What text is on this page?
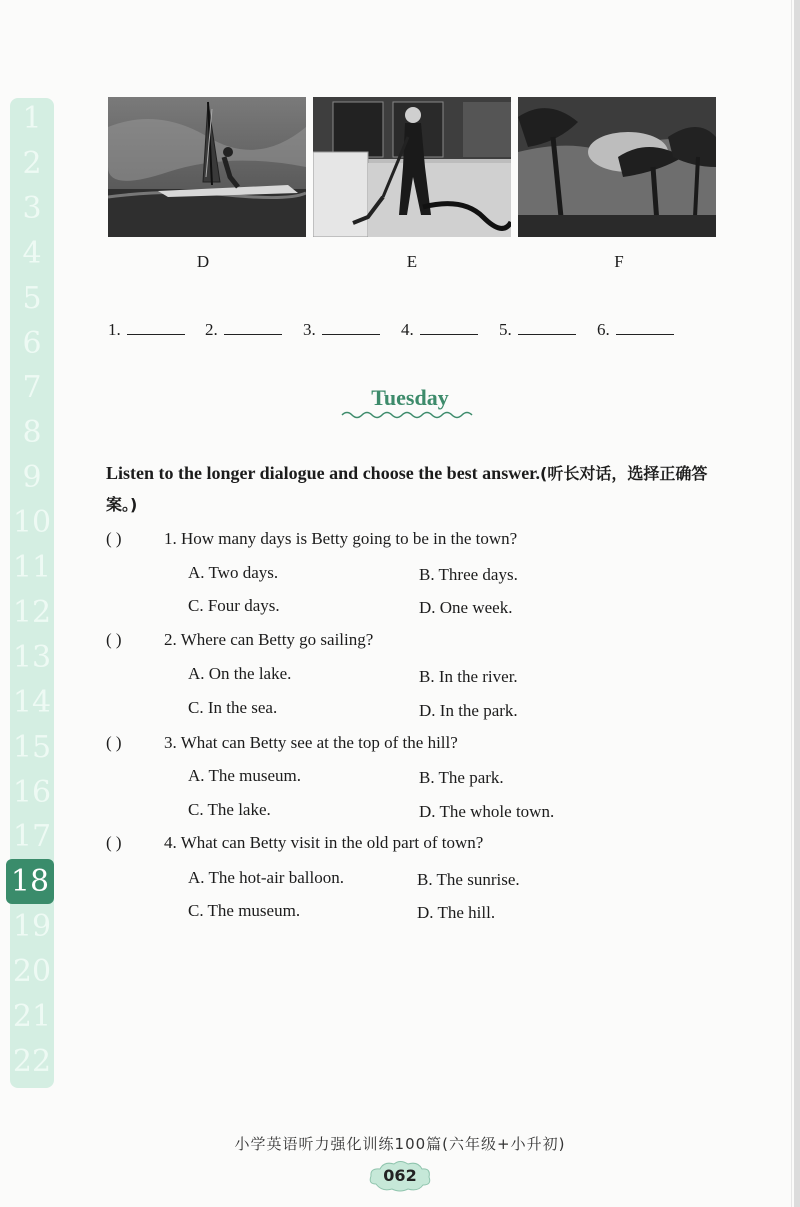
1
2
3
4
5
6
7
8
9
10
11
12
13
14
15
16
17
18
19
20
21
22
D	E	F
1.	2.	3.	4.	5.	6.
Tuesday
Listen to the longer dialogue and choose the best answer.(听长对话，选择正确答案。)
( ) 1. How many days is Betty going to be in the town?
A. Two days.	B. Three days.
C. Four days.	D. One week.
( ) 2. Where can Betty go sailing?
A. On the lake.	B. In the river.
C. In the sea.	D. In the park.
( ) 3. What can Betty see at the top of the hill?
A. The museum.	B. The park.
C. The lake.	D. The whole town.
( ) 4. What can Betty visit in the old part of town?
A. The hot-air balloon.	B. The sunrise.
C. The museum.	D. The hill.
小学英语听力强化训练100篇(六年级+小升初)
062
